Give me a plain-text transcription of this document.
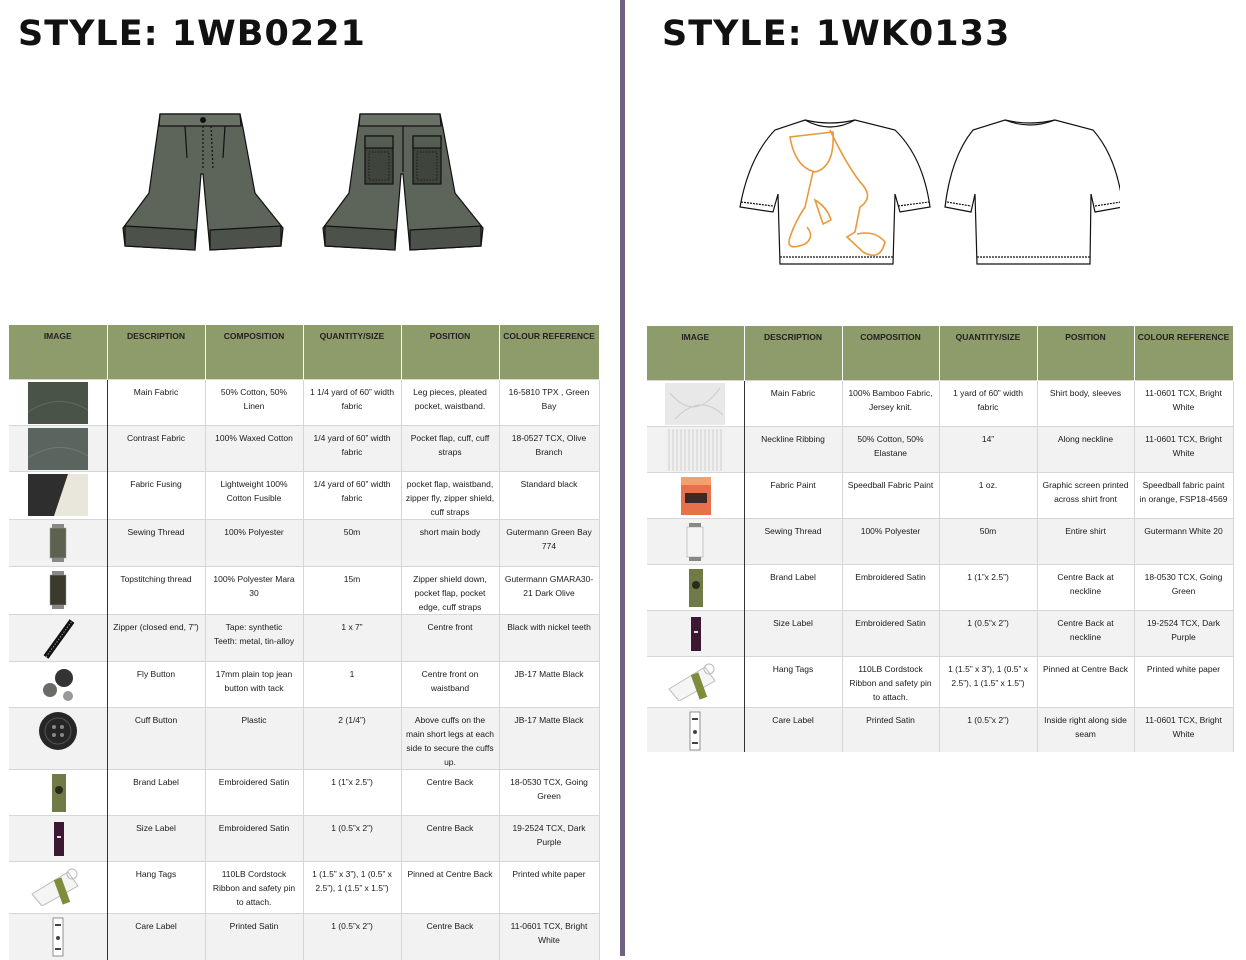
STYLE: 1WB0221	STYLE: 1WK0133
IMAGE	DESCRIPTION	COMPOSITION	QUANTITY/SIZE	POSITION	COLOUR REFERENCE

	Main Fabric	50% Cotton, 50% Linen	1 1/4 yard of 60” width fabric	Leg pieces, pleated pocket, waistband.	16-5810 TPX , Green Bay

	Contrast Fabric	100% Waxed Cotton	1/4 yard of 60” width fabric	Pocket flap, cuff, cuff straps	18-0527 TCX, Olive Branch

	Fabric Fusing	Lightweight 100% Cotton Fusible	1/4 yard of 60” width fabric	pocket flap, waistband, zipper fly, zipper shield, cuff straps	Standard black

	Sewing Thread	100% Polyester	50m	short main body	Gutermann Green Bay 774

	Topstitching thread	100% Polyester Mara 30	15m	Zipper shield down, pocket flap, pocket edge, cuff straps	Gutermann GMARA30-21 Dark Olive

	Zipper (closed end, 7”)	Tape: synthetic
Teeth: metal, tin-alloy	1 x 7”	Centre front	Black with nickel teeth

	Fly Button	17mm plain top jean button with tack	1	Centre front on waistband	JB-17 Matte Black

	Cuff Button	Plastic	2 (1/4”)	Above cuffs on the main short legs at each side to secure the cuffs up.	JB-17 Matte Black

	Brand Label	Embroidered Satin	1 (1”x 2.5”)	Centre Back	18-0530 TCX, Going Green

	Size Label	Embroidered Satin	1 (0.5”x 2”)	Centre Back	19-2524 TCX, Dark Purple

	Hang Tags	110LB Cordstock Ribbon and safety pin to attach.	1 (1.5” x 3”), 1 (0.5” x 2.5”), 1 (1.5” x 1.5”)	Pinned at Centre Back	Printed white paper

	Care Label	Printed Satin	1 (0.5”x 2”)	Centre Back	11-0601 TCX, Bright White
IMAGE	DESCRIPTION	COMPOSITION	QUANTITY/SIZE	POSITION	COLOUR REFERENCE

	Main Fabric	100% Bamboo Fabric, Jersey knit.	1 yard of 60” width fabric	Shirt body, sleeves	11-0601 TCX, Bright White

	Neckline Ribbing	50% Cotton, 50% Elastane	14”	Along neckline	11-0601 TCX, Bright White

	Fabric Paint	Speedball Fabric Paint	1 oz.	Graphic screen printed across shirt front	Speedball fabric paint in orange, FSP18-4569

	Sewing Thread	100% Polyester	50m	Entire shirt	Gutermann White 20

	Brand Label	Embroidered Satin	1 (1”x 2.5”)	Centre Back at neckline	18-0530 TCX, Going Green

	Size Label	Embroidered Satin	1 (0.5”x 2”)	Centre Back at neckline	19-2524 TCX, Dark Purple

	Hang Tags	110LB Cordstock Ribbon and safety pin to attach.	1 (1.5” x 3”), 1 (0.5” x 2.5”), 1 (1.5” x 1.5”)	Pinned at Centre Back	Printed white paper

	Care Label	Printed Satin	1 (0.5”x 2”)	Inside right along side seam	11-0601 TCX, Bright White
